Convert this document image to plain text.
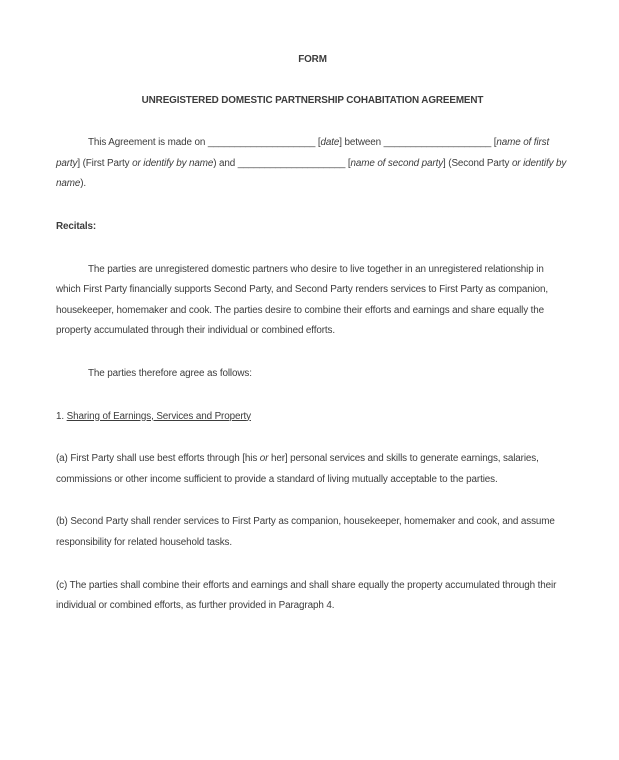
FORM

UNREGISTERED DOMESTIC PARTNERSHIP COHABITATION AGREEMENT

This Agreement is made on ____________________ [date] between ____________________ [name of first party] (First Party or identify by name) and ____________________ [name of second party] (Second Party or identify by name).

Recitals:

The parties are unregistered domestic partners who desire to live together in an unregistered relationship in which First Party financially supports Second Party, and Second Party renders services to First Party as companion, housekeeper, homemaker and cook. The parties desire to combine their efforts and earnings and share equally the property accumulated through their individual or combined efforts.

The parties therefore agree as follows:

1. Sharing of Earnings, Services and Property

(a) First Party shall use best efforts through [his or her] personal services and skills to generate earnings, salaries, commissions or other income sufficient to provide a standard of living mutually acceptable to the parties.

(b) Second Party shall render services to First Party as companion, housekeeper, homemaker and cook, and assume responsibility for related household tasks.

(c) The parties shall combine their efforts and earnings and shall share equally the property accumulated through their individual or combined efforts, as further provided in Paragraph 4.
